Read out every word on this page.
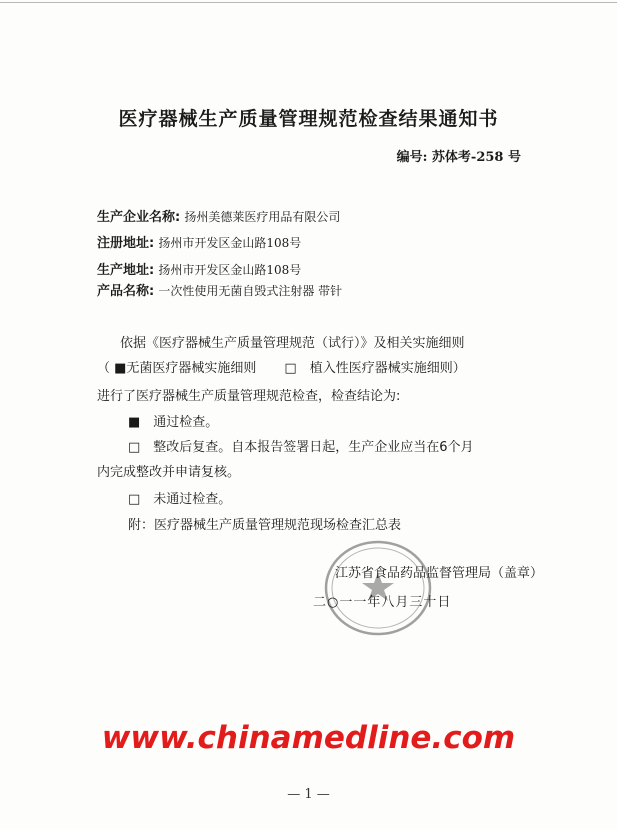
医疗器械生产质量管理规范检查结果通知书
编号: 苏体考-258 号
生产企业名称: 扬州美德莱医疗用品有限公司
注册地址: 扬州市开发区金山路108号
生产地址: 扬州市开发区金山路108号
产品名称: 一次性使用无菌自毁式注射器 带针
依据《医疗器械生产质量管理规范（试行）》及相关实施细则
（ ■无菌医疗器械实施细则 □　植入性医疗器械实施细则）
进行了医疗器械生产质量管理规范检查，检查结论为:
■　通过检查。
□　整改后复查。自本报告签署日起，生产企业应当在6个月
内完成整改并申请复核。
□　未通过检查。
附：医疗器械生产质量管理规范现场检查汇总表
江苏省食品药品监督管理局（盖章）
二○一一年八月三十日
www.chinamedline.com
— 1 —
